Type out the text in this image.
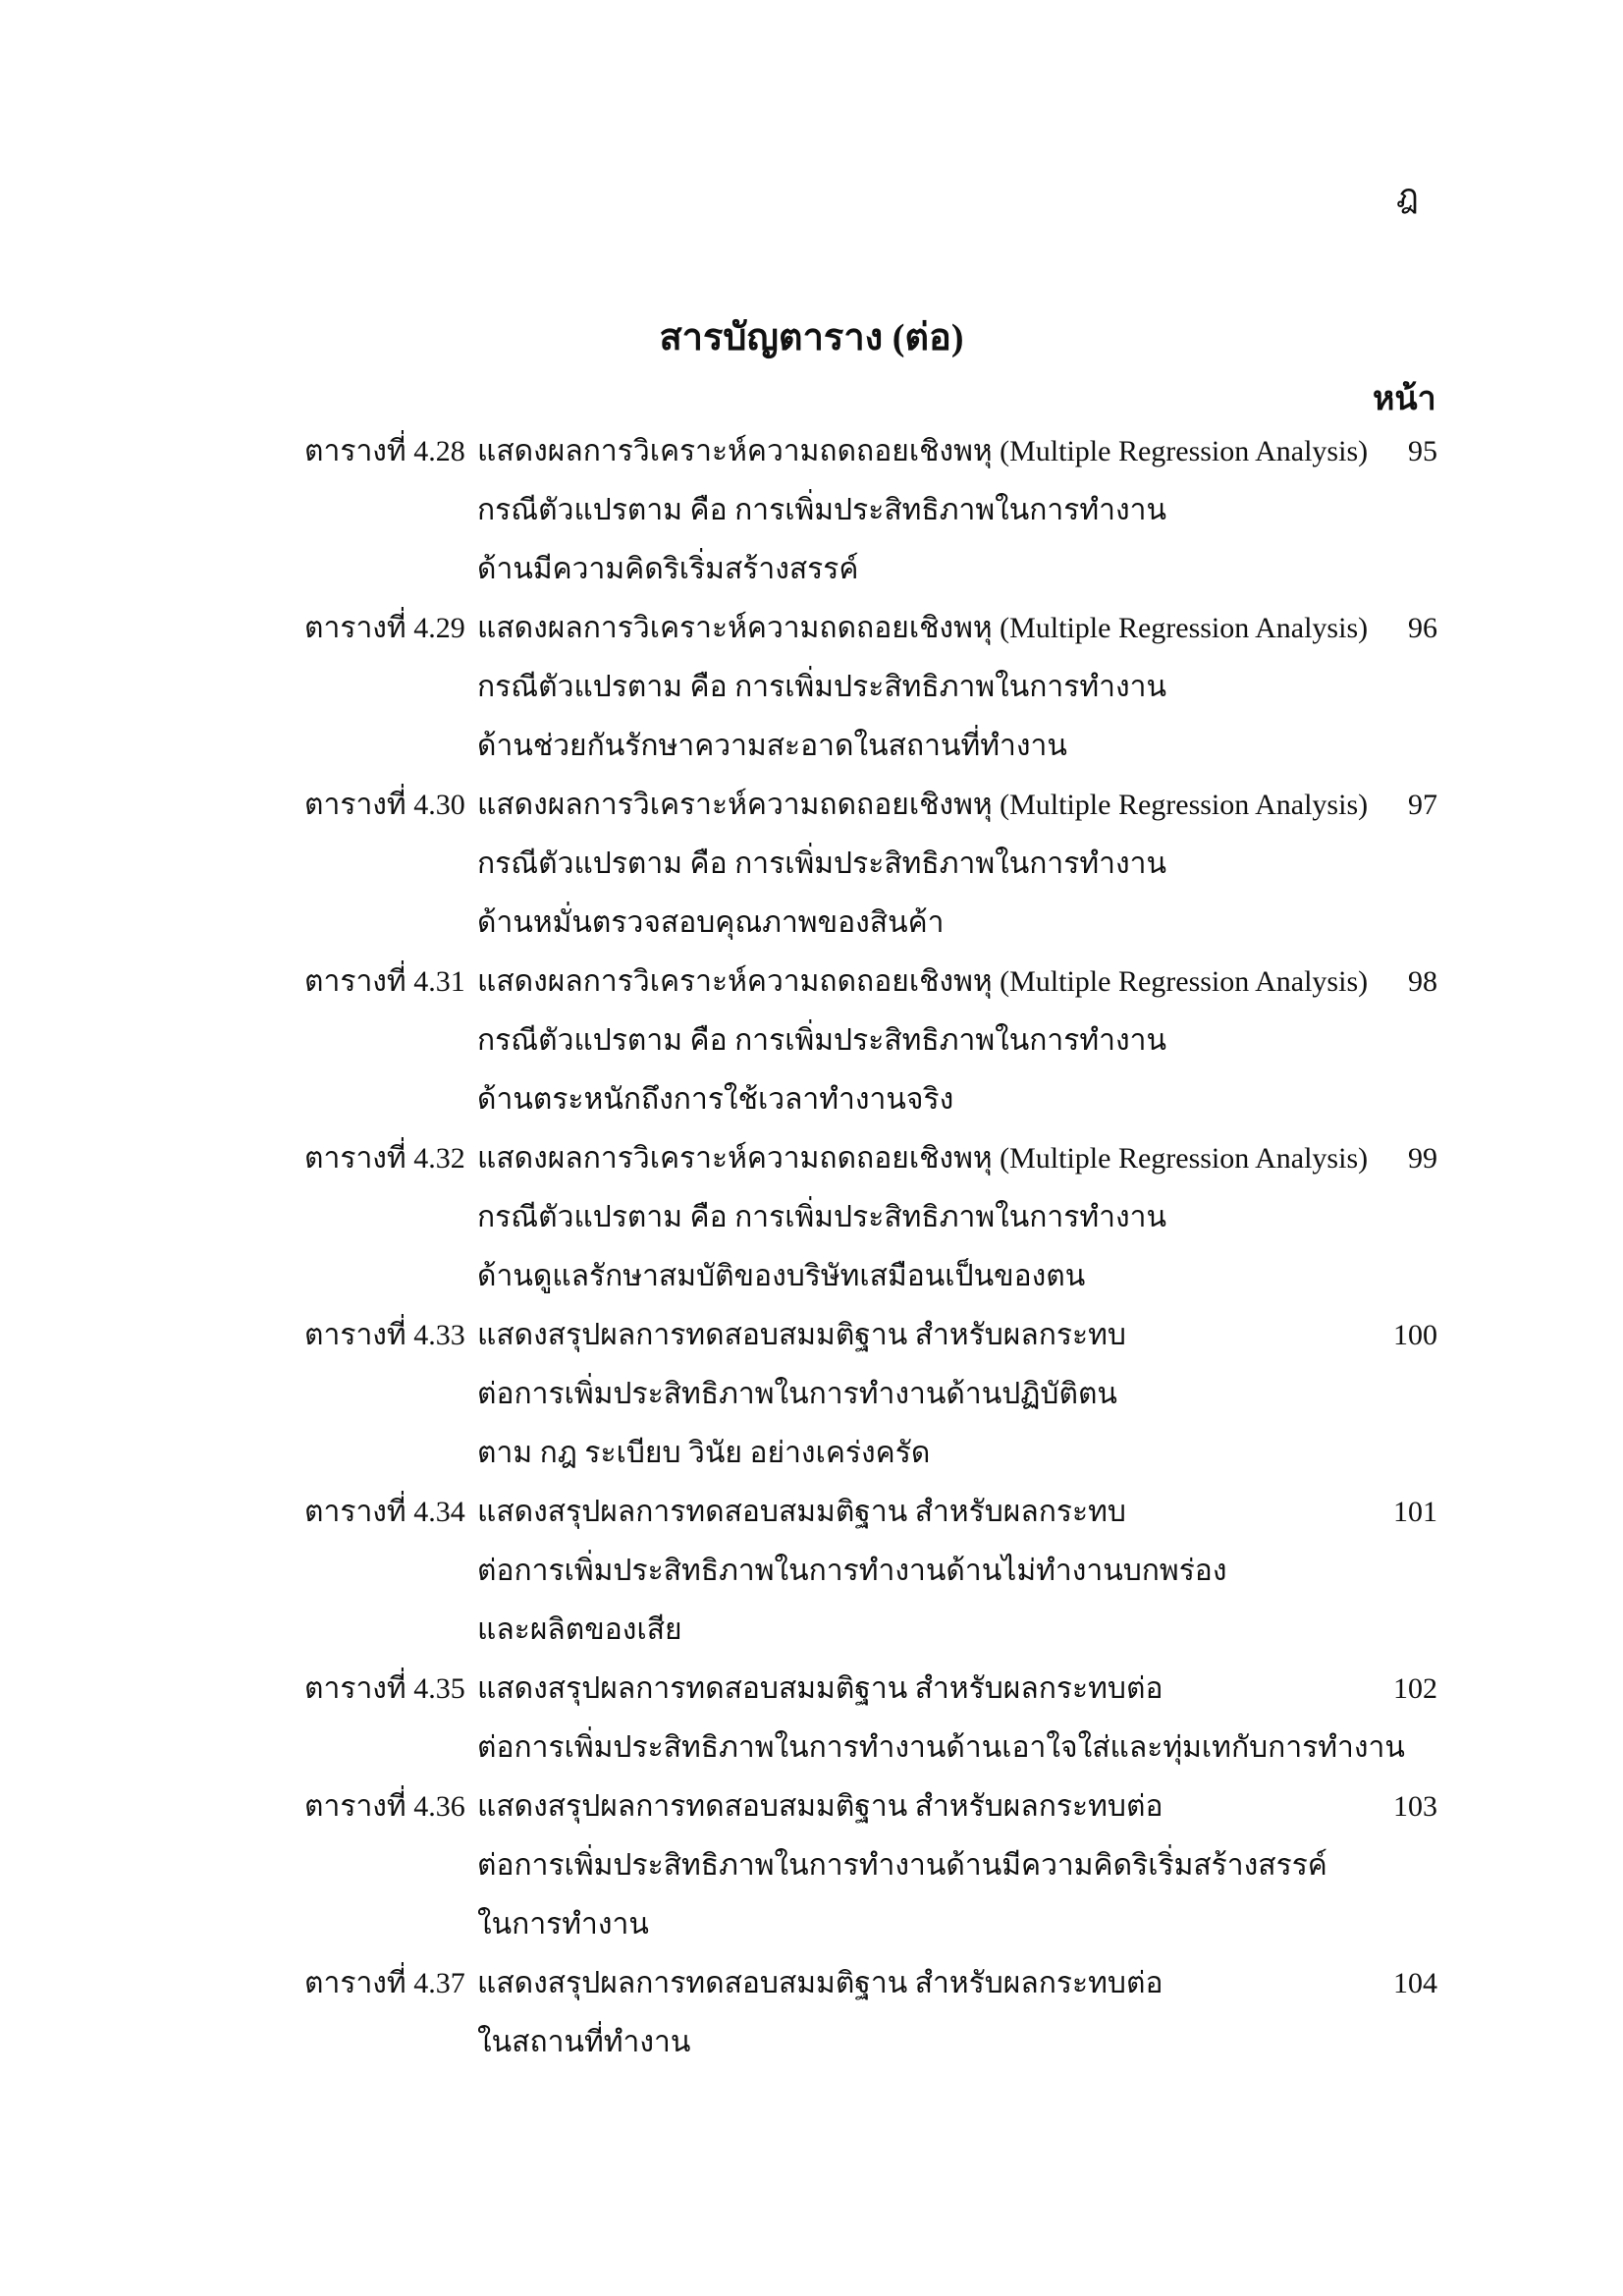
ฎ
สารบัญตาราง (ต่อ)
หน้า
ตารางที่ 4.28 แสดงผลการวิเคราะห์ความถดถอยเชิงพหุ (Multiple Regression Analysis)
กรณีตัวแปรตาม คือ การเพิ่มประสิทธิภาพในการทำงาน
ด้านมีความคิดริเริ่มสร้างสรรค์
95
ตารางที่ 4.29 แสดงผลการวิเคราะห์ความถดถอยเชิงพหุ (Multiple Regression Analysis)
กรณีตัวแปรตาม คือ การเพิ่มประสิทธิภาพในการทำงาน
ด้านช่วยกันรักษาความสะอาดในสถานที่ทำงาน
96
ตารางที่ 4.30 แสดงผลการวิเคราะห์ความถดถอยเชิงพหุ (Multiple Regression Analysis)
กรณีตัวแปรตาม คือ การเพิ่มประสิทธิภาพในการทำงาน
ด้านหมั่นตรวจสอบคุณภาพของสินค้า
97
ตารางที่ 4.31 แสดงผลการวิเคราะห์ความถดถอยเชิงพหุ (Multiple Regression Analysis)
กรณีตัวแปรตาม คือ การเพิ่มประสิทธิภาพในการทำงาน
ด้านตระหนักถึงการใช้เวลาทำงานจริง
98
ตารางที่ 4.32 แสดงผลการวิเคราะห์ความถดถอยเชิงพหุ (Multiple Regression Analysis)
กรณีตัวแปรตาม คือ การเพิ่มประสิทธิภาพในการทำงาน
ด้านดูแลรักษาสมบัติของบริษัทเสมือนเป็นของตน
99
ตารางที่ 4.33 แสดงสรุปผลการทดสอบสมมติฐาน สำหรับผลกระทบ
ต่อการเพิ่มประสิทธิภาพในการทำงานด้านปฏิบัติตน
ตาม กฎ ระเบียบ วินัย อย่างเคร่งครัด
100
ตารางที่ 4.34 แสดงสรุปผลการทดสอบสมมติฐาน สำหรับผลกระทบ
ต่อการเพิ่มประสิทธิภาพในการทำงานด้านไม่ทำงานบกพร่อง
และผลิตของเสีย
101
ตารางที่ 4.35 แสดงสรุปผลการทดสอบสมมติฐาน สำหรับผลกระทบต่อ
ต่อการเพิ่มประสิทธิภาพในการทำงานด้านเอาใจใส่และทุ่มเทกับการทำงาน
102
ตารางที่ 4.36 แสดงสรุปผลการทดสอบสมมติฐาน สำหรับผลกระทบต่อ
ต่อการเพิ่มประสิทธิภาพในการทำงานด้านมีความคิดริเริ่มสร้างสรรค์
ในการทำงาน
103
ตารางที่ 4.37 แสดงสรุปผลการทดสอบสมมติฐาน สำหรับผลกระทบต่อ
ในสถานที่ทำงาน
104
